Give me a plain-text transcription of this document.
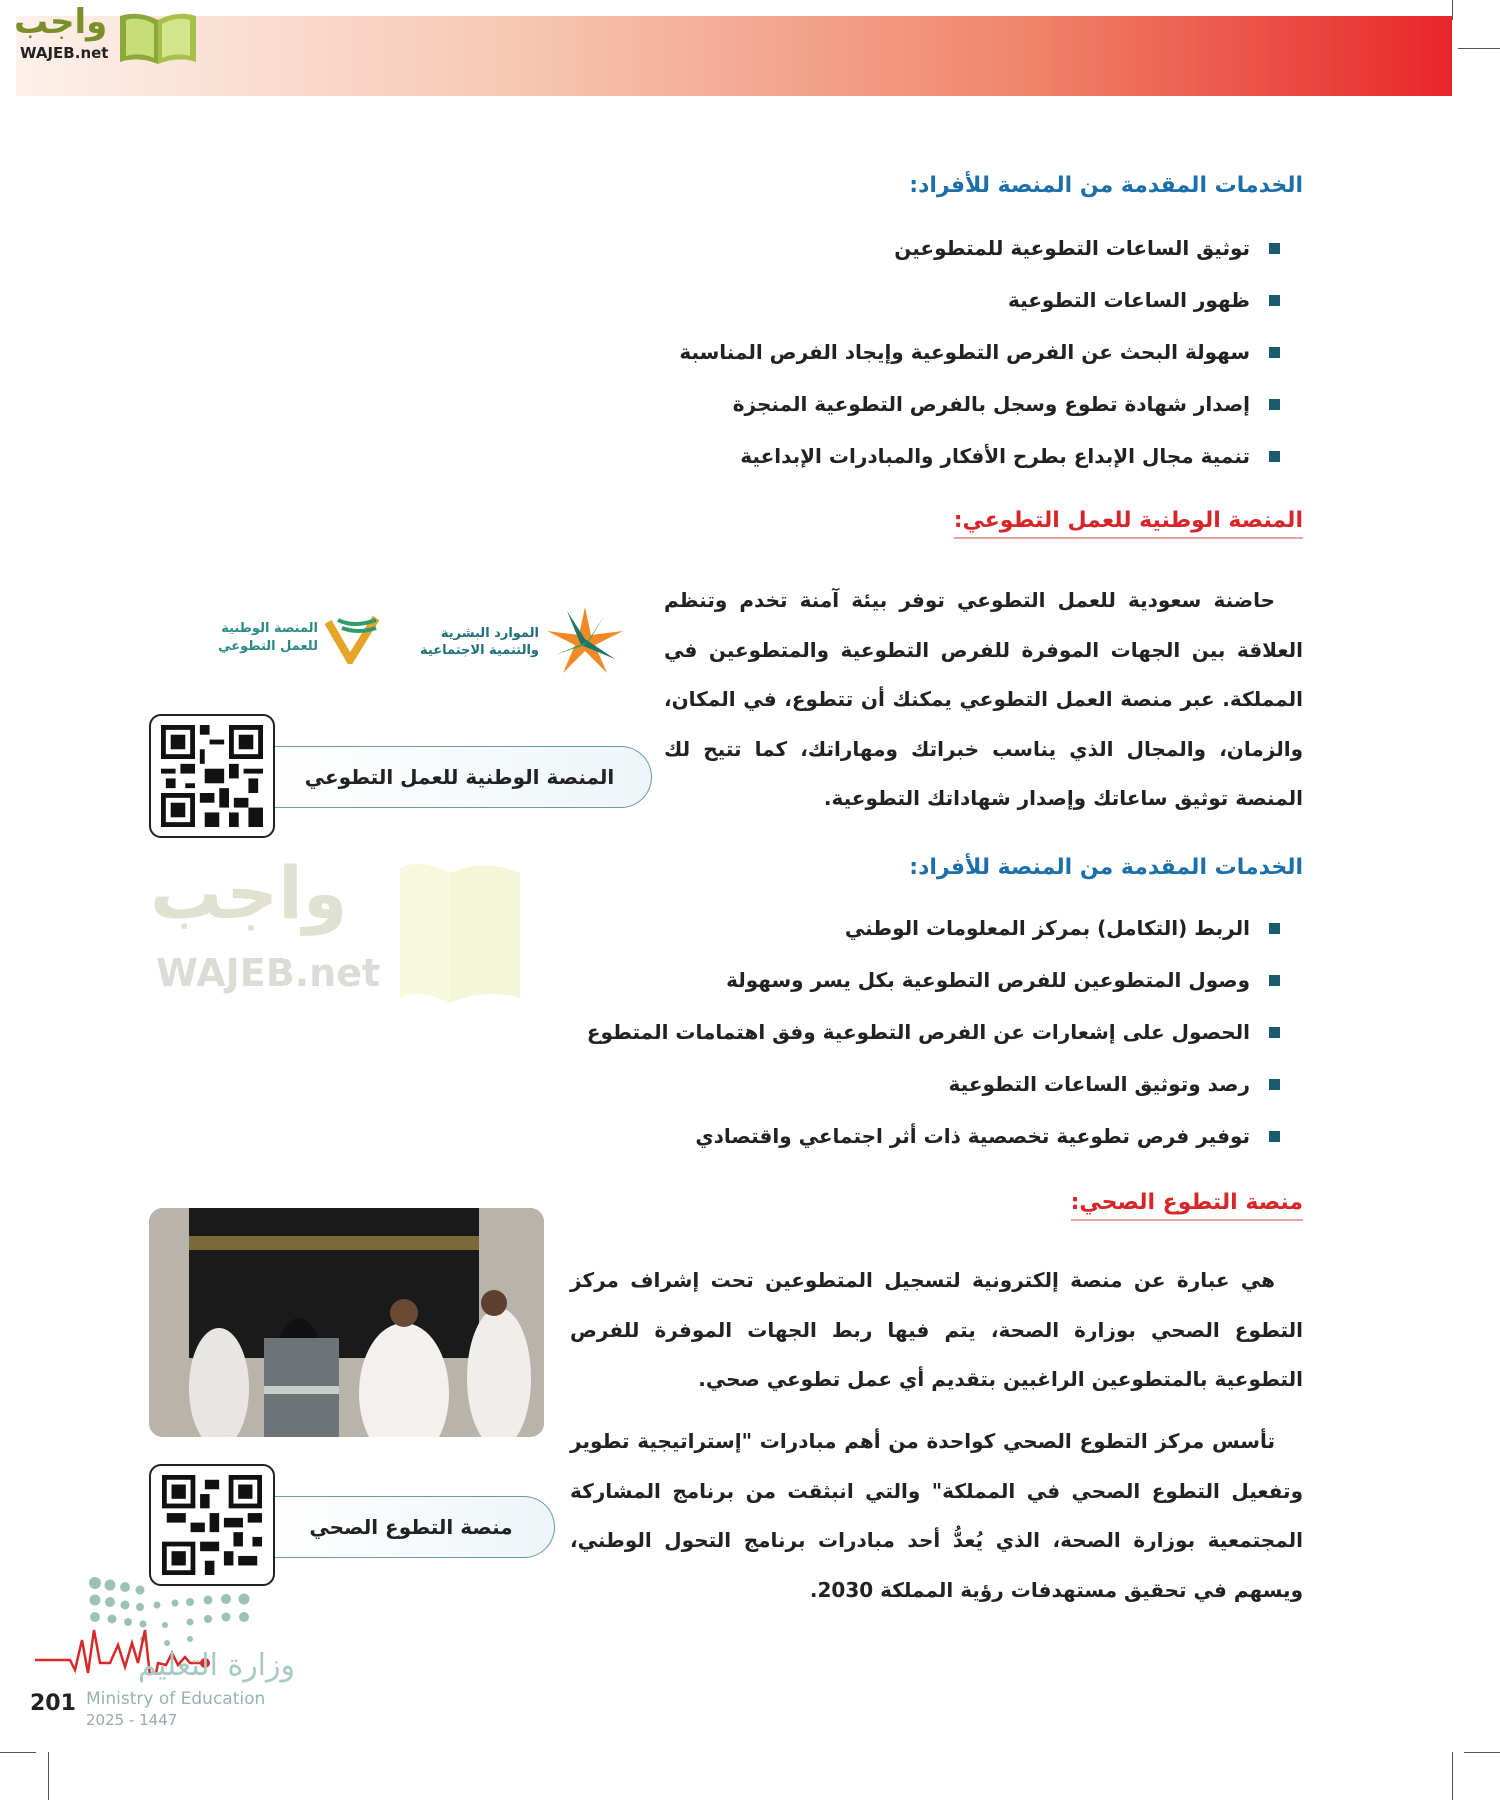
واجب
WAJEB.net
واجب
WAJEB.net
الخدمات المقدمة من المنصة للأفراد:
توثيق الساعات التطوعية للمتطوعين
ظهور الساعات التطوعية
سهولة البحث عن الفرص التطوعية وإيجاد الفرص المناسبة
إصدار شهادة تطوع وسجل بالفرص التطوعية المنجزة
تنمية مجال الإبداع بطرح الأفكار والمبادرات الإبداعية
المنصة الوطنية للعمل التطوعي:
حاضنة سعودية للعمل التطوعي توفر بيئة آمنة تخدم وتنظم العلاقة بين الجهات الموفرة للفرص التطوعية والمتطوعين في المملكة. عبر منصة العمل التطوعي يمكنك أن تتطوع، في المكان، والزمان، والمجال الذي يناسب خبراتك ومهاراتك، كما تتيح لك المنصة توثيق ساعاتك وإصدار شهاداتك التطوعية.
الموارد البشرية
والتنمية الاجتماعية
المنصة الوطنية
للعمل التطوعي
المنصة الوطنية للعمل التطوعي
الخدمات المقدمة من المنصة للأفراد:
الربط (التكامل) بمركز المعلومات الوطني
وصول المتطوعين للفرص التطوعية بكل يسر وسهولة
الحصول على إشعارات عن الفرص التطوعية وفق اهتمامات المتطوع
رصد وتوثيق الساعات التطوعية
توفير فرص تطوعية تخصصية ذات أثر اجتماعي واقتصادي
منصة التطوع الصحي:
هي عبارة عن منصة إلكترونية لتسجيل المتطوعين تحت إشراف مركز التطوع الصحي بوزارة الصحة، يتم فيها ربط الجهات الموفرة للفرص التطوعية بالمتطوعين الراغبين بتقديم أي عمل تطوعي صحي.
تأسس مركز التطوع الصحي كواحدة من أهم مبادرات "إستراتيجية تطوير وتفعيل التطوع الصحي في المملكة" والتي انبثقت من برنامج المشاركة المجتمعية بوزارة الصحة، الذي يُعدُّ أحد مبادرات برنامج التحول الوطني، ويسهم في تحقيق مستهدفات رؤية المملكة 2030.
منصة التطوع الصحي
وزارة التعليم
201 Ministry of Education
2025 - 1447
